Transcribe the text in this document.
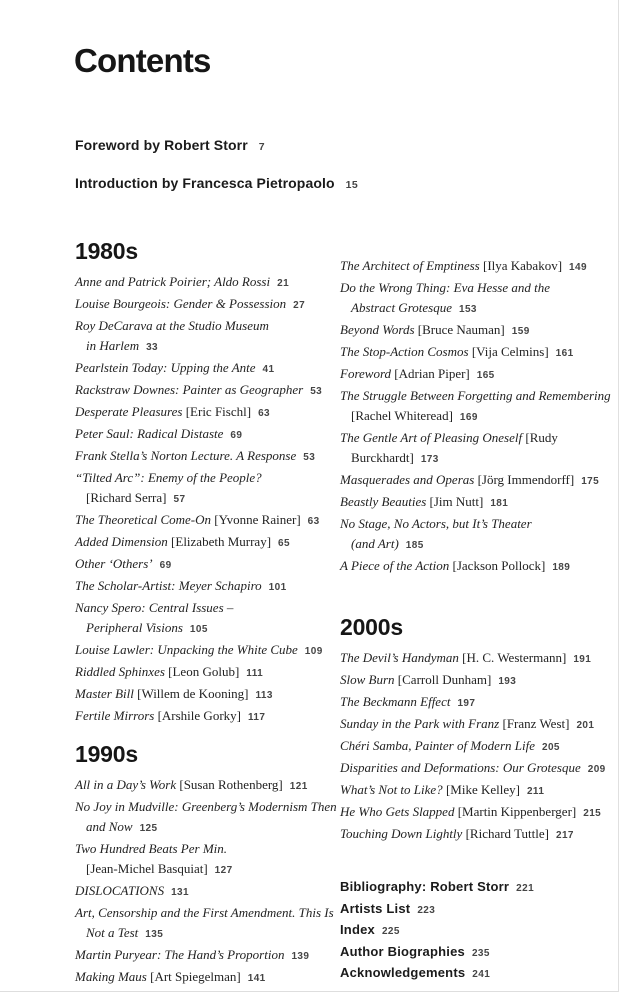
Contents
Foreword by Robert Storr 7
Introduction by Francesca Pietropaolo 15
1980s
Anne and Patrick Poirier; Aldo Rossi 21
Louise Bourgeois: Gender & Possession 27
Roy DeCarava at the Studio Museum
in Harlem 33
Pearlstein Today: Upping the Ante 41
Rackstraw Downes: Painter as Geographer 53
Desperate Pleasures [Eric Fischl] 63
Peter Saul: Radical Distaste 69
Frank Stella’s Norton Lecture. A Response 53
“Tilted Arc”: Enemy of the People?
[Richard Serra] 57
The Theoretical Come-On [Yvonne Rainer] 63
Added Dimension [Elizabeth Murray] 65
Other ‘Others’ 69
The Scholar-Artist: Meyer Schapiro 101
Nancy Spero: Central Issues –
Peripheral Visions 105
Louise Lawler: Unpacking the White Cube 109
Riddled Sphinxes [Leon Golub] 111
Master Bill [Willem de Kooning] 113
Fertile Mirrors [Arshile Gorky] 117
1990s
All in a Day’s Work [Susan Rothenberg] 121
No Joy in Mudville: Greenberg’s Modernism Then
and Now 125
Two Hundred Beats Per Min.
[Jean-Michel Basquiat] 127
DISLOCATIONS 131
Art, Censorship and the First Amendment. This Is
Not a Test 135
Martin Puryear: The Hand’s Proportion 139
Making Maus [Art Spiegelman] 141
The Architect of Emptiness [Ilya Kabakov] 149
Do the Wrong Thing: Eva Hesse and the
Abstract Grotesque 153
Beyond Words [Bruce Nauman] 159
The Stop-Action Cosmos [Vija Celmins] 161
Foreword [Adrian Piper] 165
The Struggle Between Forgetting and Remembering
[Rachel Whiteread] 169
The Gentle Art of Pleasing Oneself [Rudy
Burckhardt] 173
Masquerades and Operas [Jörg Immendorff] 175
Beastly Beauties [Jim Nutt] 181
No Stage, No Actors, but It’s Theater
(and Art) 185
A Piece of the Action [Jackson Pollock] 189
2000s
The Devil’s Handyman [H. C. Westermann] 191
Slow Burn [Carroll Dunham] 193
The Beckmann Effect 197
Sunday in the Park with Franz [Franz West] 201
Chéri Samba, Painter of Modern Life 205
Disparities and Deformations: Our Grotesque 209
What’s Not to Like? [Mike Kelley] 211
He Who Gets Slapped [Martin Kippenberger] 215
Touching Down Lightly [Richard Tuttle] 217
Bibliography: Robert Storr 221
Artists List 223
Index 225
Author Biographies 235
Acknowledgements 241
